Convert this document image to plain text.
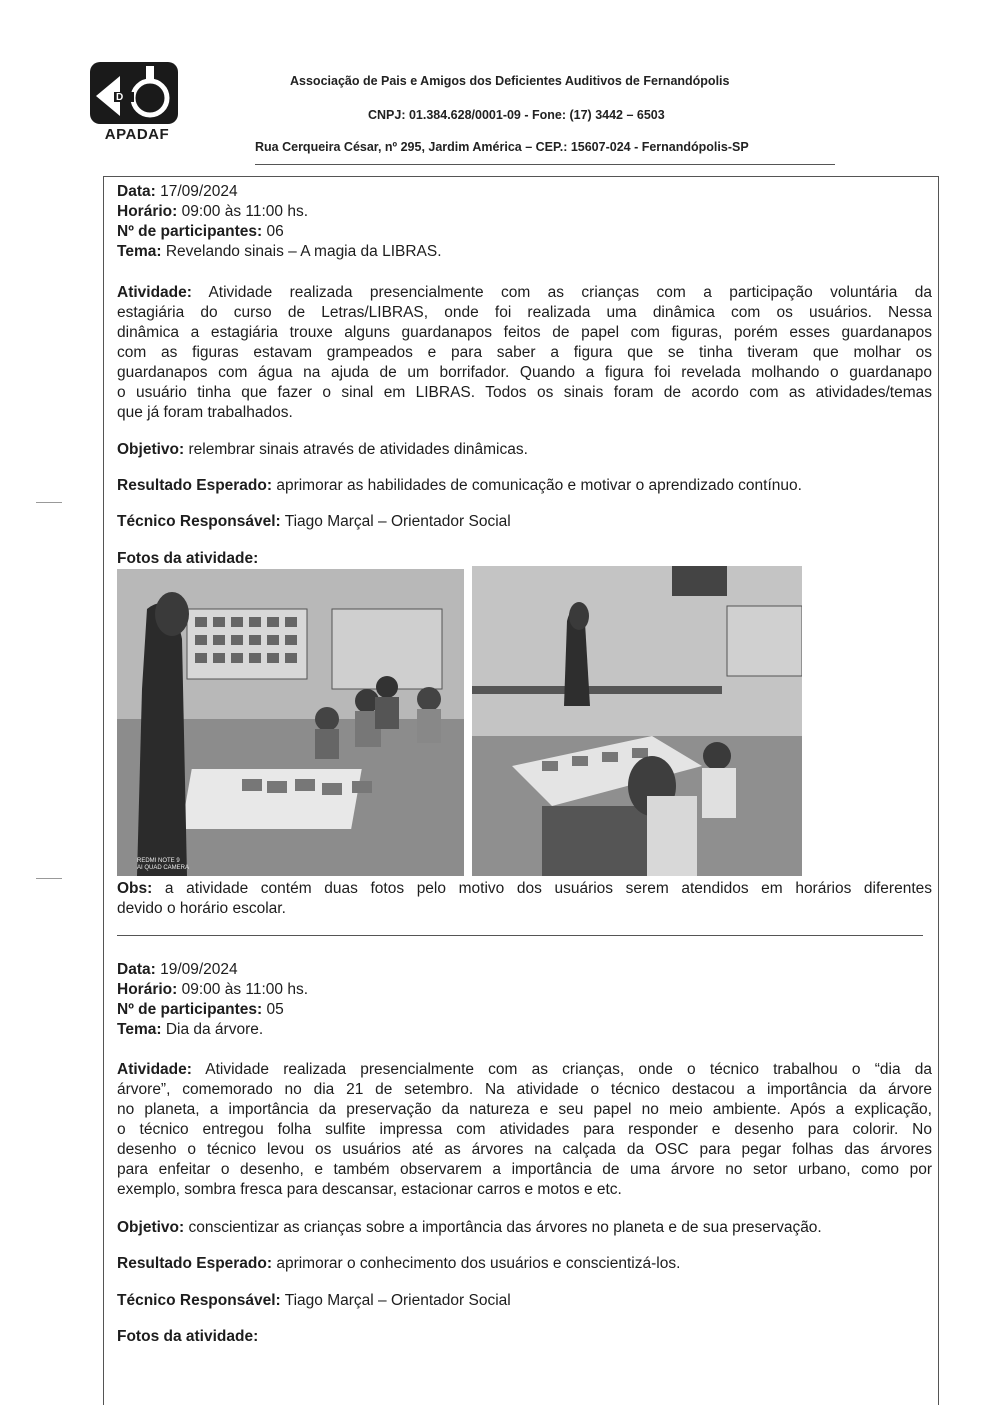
D
APADAF
Associação de Pais e Amigos dos Deficientes Auditivos de Fernandópolis
CNPJ: 01.384.628/0001-09 - Fone: (17) 3442 – 6503
Rua Cerqueira César, nº 295, Jardim América – CEP.: 15607-024 - Fernandópolis-SP
Data: 17/09/2024
Horário: 09:00 às 11:00 hs.
Nº de participantes: 06
Tema: Revelando sinais – A magia da LIBRAS.
Atividade: Atividade realizada presencialmente com as crianças com a participação voluntária da
estagiária do curso de Letras/LIBRAS, onde foi realizada uma dinâmica com os usuários. Nessa
dinâmica a estagiária trouxe alguns guardanapos feitos de papel com figuras, porém esses guardanapos
com as figuras estavam grampeados e para saber a figura que se tinha tiveram que molhar os
guardanapos com água na ajuda de um borrifador. Quando a figura foi revelada molhando o guardanapo
o usuário tinha que fazer o sinal em LIBRAS. Todos os sinais foram de acordo com as atividades/temas
que já foram trabalhados.
Objetivo: relembrar sinais através de atividades dinâmicas.
Resultado Esperado: aprimorar as habilidades de comunicação e motivar o aprendizado contínuo.
Técnico Responsável: Tiago Marçal – Orientador Social
Fotos da atividade:
REDMI NOTE 9
AI QUAD CAMERA
Obs: a atividade contém duas fotos pelo motivo dos usuários serem atendidos em horários diferentes
devido o horário escolar.
Data: 19/09/2024
Horário: 09:00 às 11:00 hs.
Nº de participantes: 05
Tema: Dia da árvore.
Atividade: Atividade realizada presencialmente com as crianças, onde o técnico trabalhou o “dia da
árvore”, comemorado no dia 21 de setembro. Na atividade o técnico destacou a importância da árvore
no planeta, a importância da preservação da natureza e seu papel no meio ambiente. Após a explicação,
o técnico entregou folha sulfite impressa com atividades para responder e desenho para colorir. No
desenho o técnico levou os usuários até as árvores na calçada da OSC para pegar folhas das árvores
para enfeitar o desenho, e também observarem a importância de uma árvore no setor urbano, como por
exemplo, sombra fresca para descansar, estacionar carros e motos e etc.
Objetivo: conscientizar as crianças sobre a importância das árvores no planeta e de sua preservação.
Resultado Esperado: aprimorar o conhecimento dos usuários e conscientizá-los.
Técnico Responsável: Tiago Marçal – Orientador Social
Fotos da atividade:
